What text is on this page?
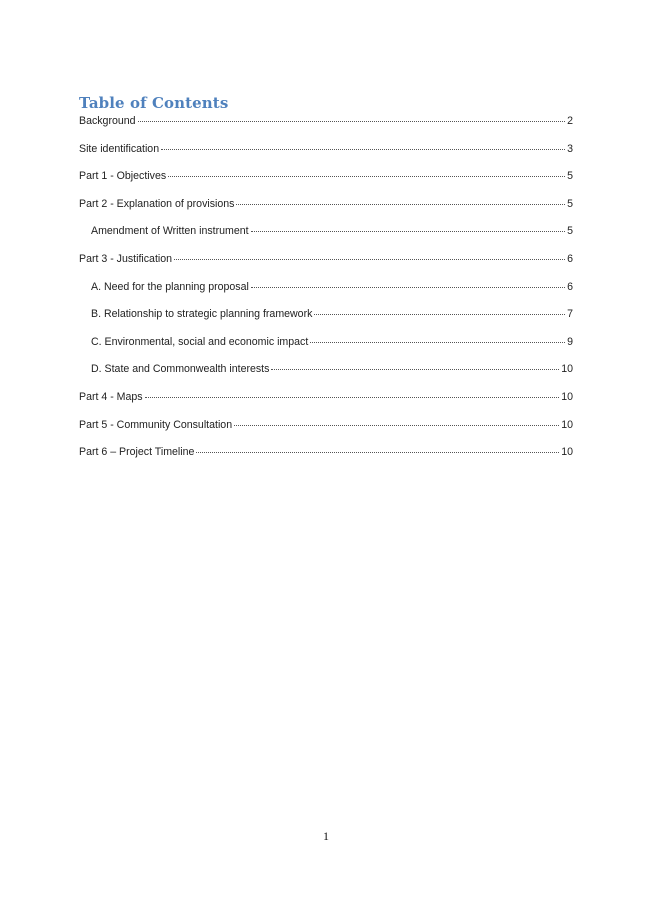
Table of Contents
Background	2
Site identification	3
Part 1 - Objectives	5
Part 2 - Explanation of provisions	5
Amendment of Written instrument	5
Part 3 - Justification	6
A. Need for the planning proposal	6
B. Relationship to strategic planning framework	7
C. Environmental, social and economic impact	9
D. State and Commonwealth interests	10
Part 4 - Maps	10
Part 5 - Community Consultation	10
Part 6 – Project Timeline	10
1
